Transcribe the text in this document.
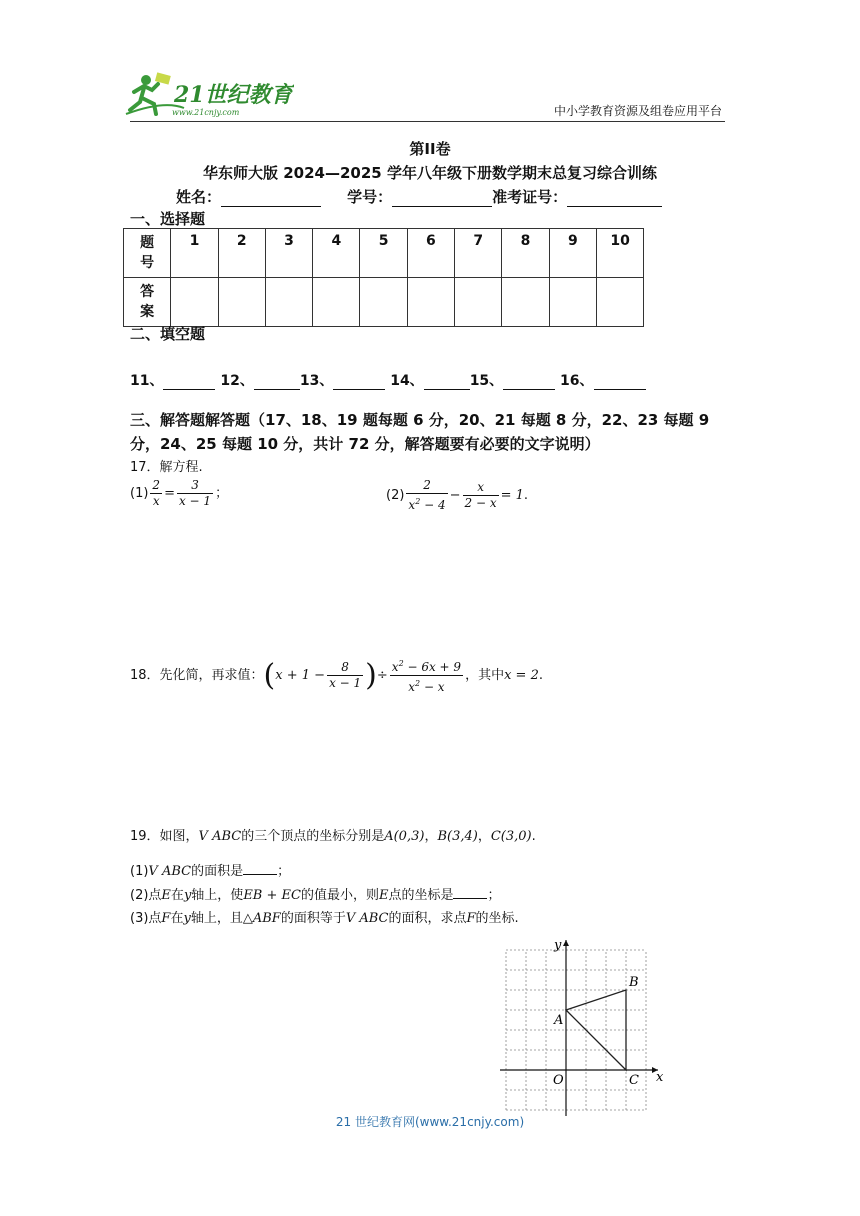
21世纪教育
www.21cnjy.com	中小学教育资源及组卷应用平台
第II卷
华东师大版 2024—2025 学年八年级下册数学期末总复习综合训练
姓名：	学号：	准考证号：
一、选择题
题
号	1	2	3	4	5	6	7	8	9	10
答
案										
二、填空题
11、	12、	13、	14、	15、	16、
三、解答题解答题（17、18、19 题每题 6 分，20、21 每题 8 分，22、23 每题 9 分，24、25 每题 10 分，共计 72 分，解答题要有必要的文字说明）
17．解方程.
$(1) \frac{2}{x} = \frac{3}{x - 1}$ ；	$(2) \frac{2}{x^2 - 4} - \frac{x}{2 - x} = 1$.
18．先化简，再求值：($x + 1 - \frac{8}{x - 1}$ )÷ $\frac{x^2 - 6x + 9}{x^2 - x}$ ，其中x = 2.
19．如图，V ABC的三个顶点的坐标分别是A(0,3)，B(3,4)，C(3,0).
(1)V ABC的面积是	；
(2)点E在y轴上，使EB + EC的值最小，则E点的坐标是	；
(3)点F在y轴上，且△ABF的面积等于V ABC的面积，求点F的坐标.
A
B
C
O	x
y
21 世纪教育网(www.21cnjy.com)
